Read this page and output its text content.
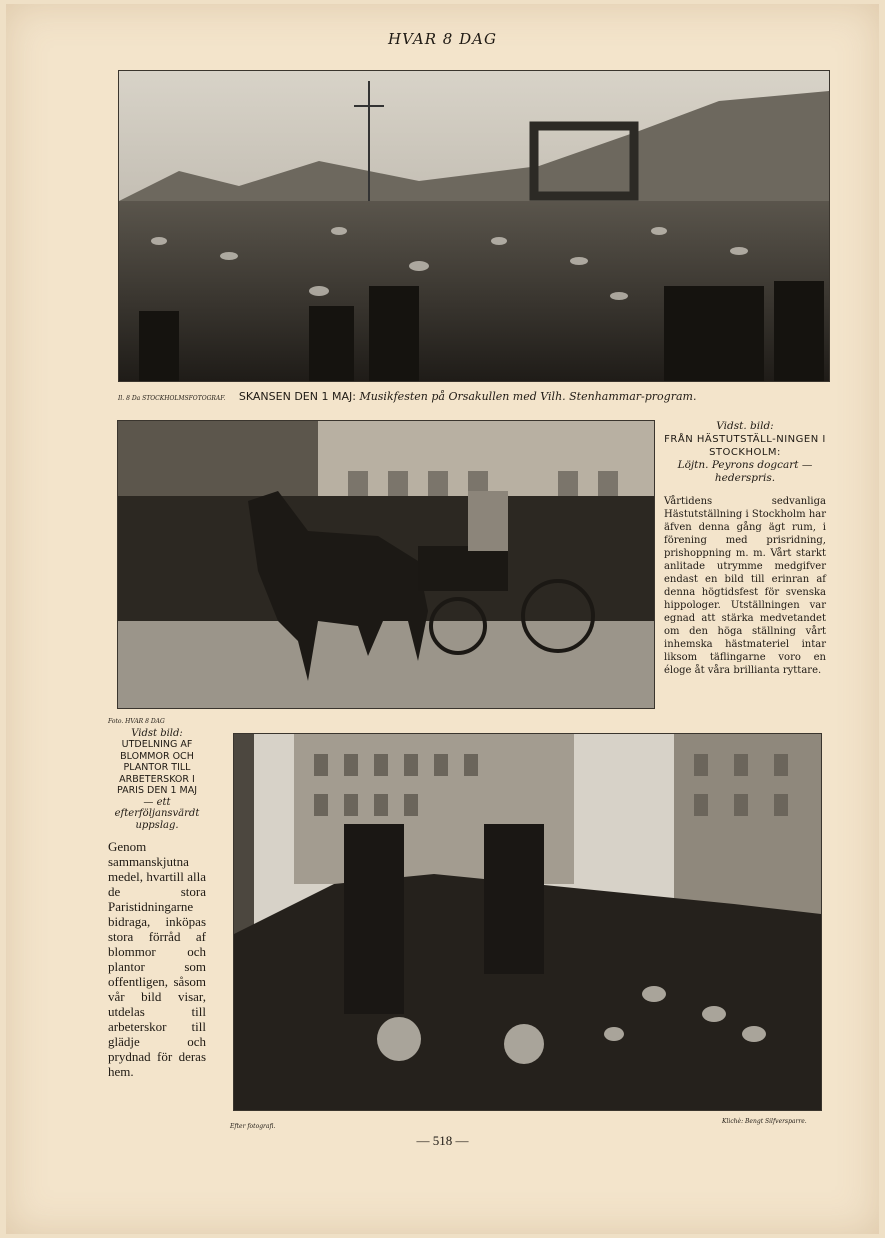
HVAR 8 DAG
Il. 8 Da STOCKHOLMSFOTOGRAF. SKANSEN DEN 1 MAJ: Musikfesten på Orsakullen med Vilh. Stenhammar-program.
Vidst. bild:
FRÅN HÄSTUTSTÄLL-NINGEN I STOCKHOLM:
Löjtn. Peyrons dogcart — hederspris.
Vårtidens sedvanliga Hästutställning i Stockholm har äfven denna gång ägt rum, i förening med prisridning, prishoppning m. m. Vårt starkt anlitade utrymme medgifver endast en bild till erinran af denna högtidsfest för svenska hippologer. Utställningen var egnad att stärka medvetandet om den höga ställning vårt inhemska hästmateriel intar liksom täflingarne voro en éloge åt våra brillianta ryttare.
Foto. HVAR 8 DAG
Vidst bild:
UTDELNING AF BLOMMOR OCH PLANTOR TILL ARBETERSKOR I PARIS DEN 1 MAJ
— ett efterföljansvärdt uppslag.
Genom sammanskjutna medel, hvartill alla de stora Paristidningarne bidraga, inköpas stora förråd af blommor och plantor som offentligen, såsom vår bild visar, utdelas till arbeterskor till glädje och prydnad för deras hem.
Efter fotografi.
Klichè: Bengt Silfversparre.
— 518 —
